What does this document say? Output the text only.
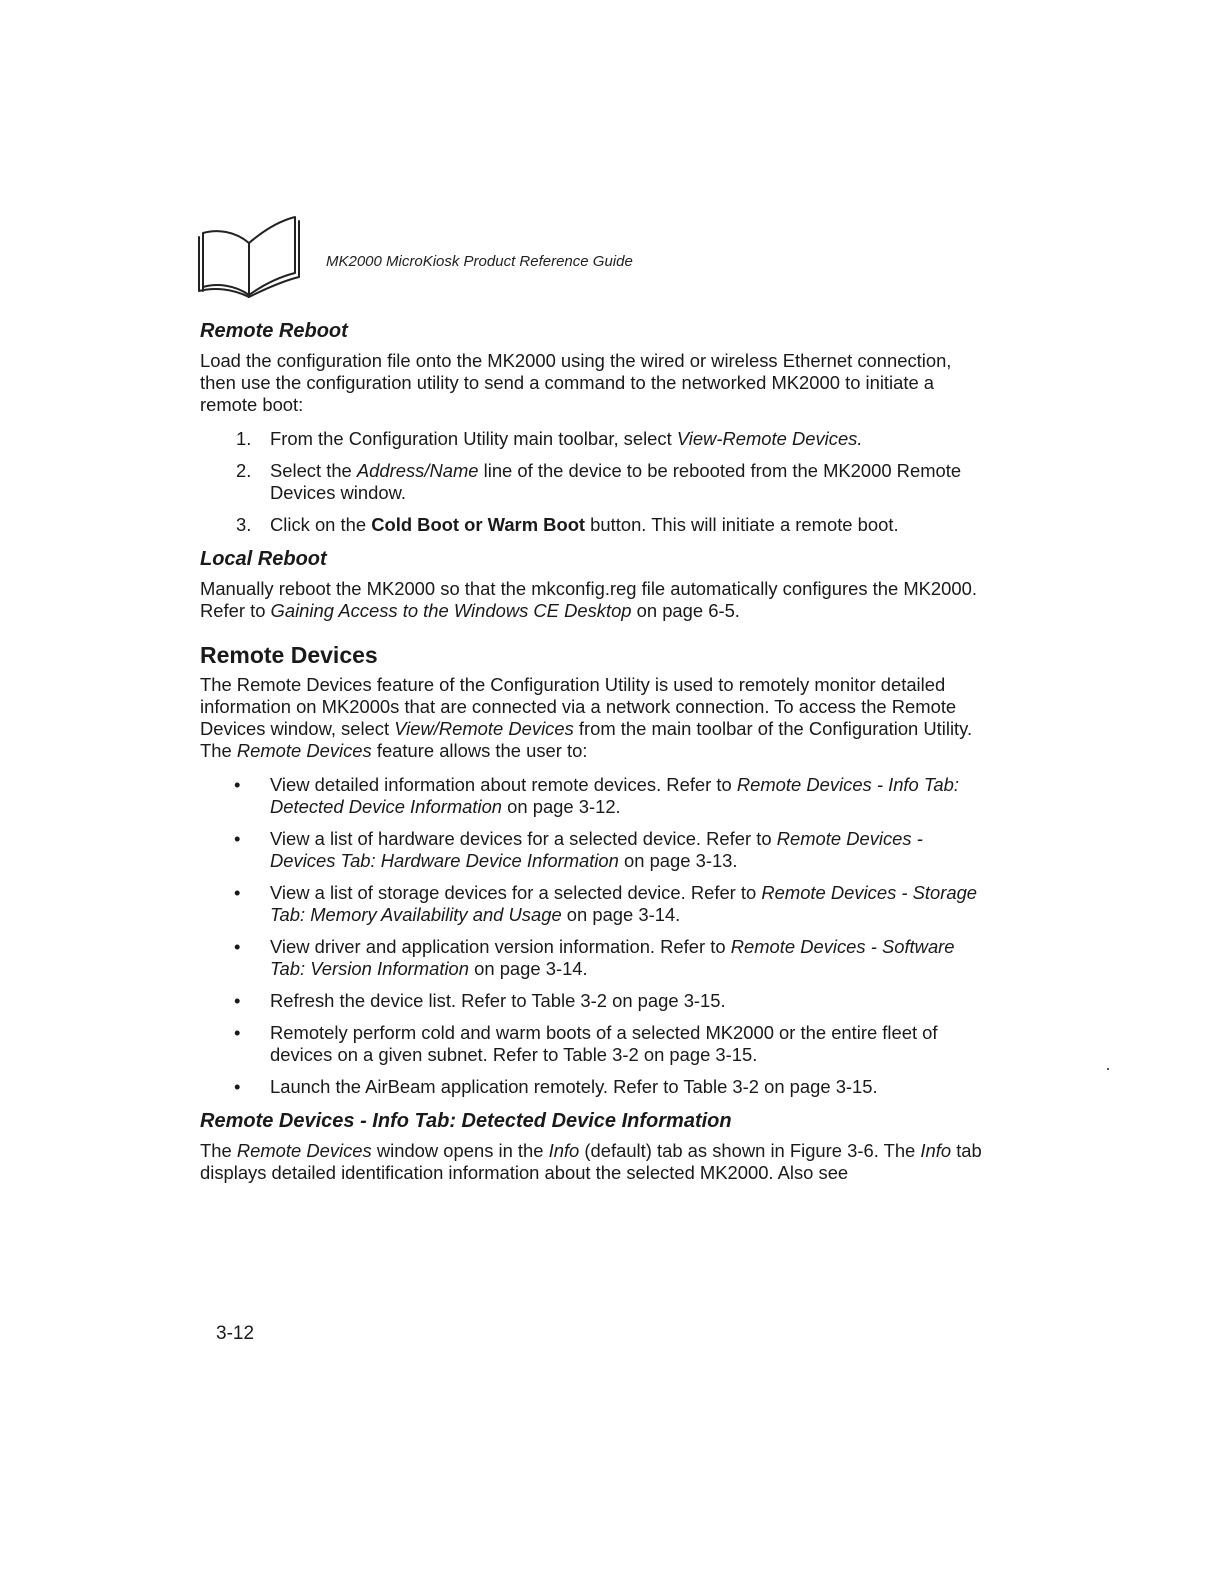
MK2000 MicroKiosk Product Reference Guide
Remote Reboot

Load the configuration file onto the MK2000 using the wired or wireless Ethernet connection, then use the configuration utility to send a command to the networked MK2000 to initiate a remote boot:

1. From the Configuration Utility main toolbar, select View-Remote Devices.
2. Select the Address/Name line of the device to be rebooted from the MK2000 Remote Devices window.
3. Click on the Cold Boot or Warm Boot button. This will initiate a remote boot.
Local Reboot

Manually reboot the MK2000 so that the mkconfig.reg file automatically configures the MK2000. Refer to Gaining Access to the Windows CE Desktop on page 6-5.

Remote Devices

The Remote Devices feature of the Configuration Utility is used to remotely monitor detailed information on MK2000s that are connected via a network connection. To access the Remote Devices window, select View/Remote Devices from the main toolbar of the Configuration Utility. The Remote Devices feature allows the user to:

• View detailed information about remote devices. Refer to Remote Devices - Info Tab: Detected Device Information on page 3-12.
• View a list of hardware devices for a selected device. Refer to Remote Devices - Devices Tab: Hardware Device Information on page 3-13.
• View a list of storage devices for a selected device. Refer to Remote Devices - Storage Tab: Memory Availability and Usage on page 3-14.
• View driver and application version information. Refer to Remote Devices - Software Tab: Version Information on page 3-14.
• Refresh the device list. Refer to Table 3-2 on page 3-15.
• Remotely perform cold and warm boots of a selected MK2000 or the entire fleet of devices on a given subnet. Refer to Table 3-2 on page 3-15.
• Launch the AirBeam application remotely. Refer to Table 3-2 on page 3-15.
Remote Devices - Info Tab: Detected Device Information

The Remote Devices window opens in the Info (default) tab as shown in Figure 3-6. The Info tab displays detailed identification information about the selected MK2000. Also see

3-12
